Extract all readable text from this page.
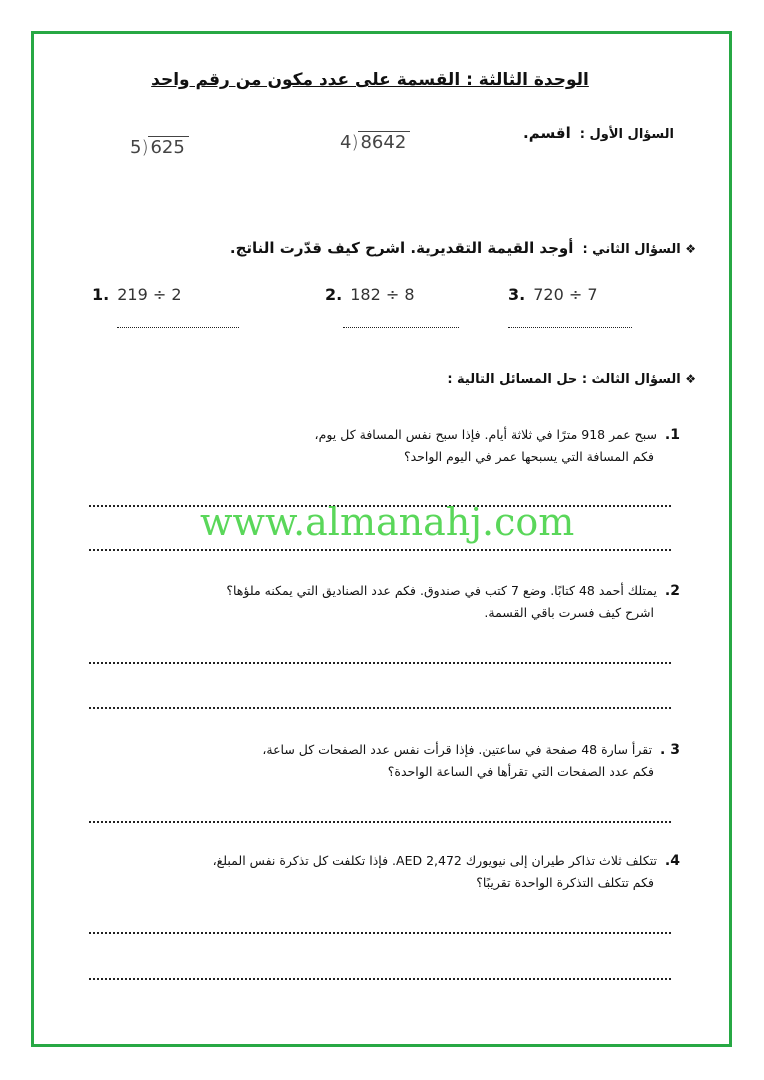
الوحدة الثالثة : القسمة على عدد مكون من رقم واحد
السؤال الأول :  اقسم.
4) 8642
5) 625
❖ السؤال الثاني :  أوجد القيمة التقديرية. اشرح كيف قدّرت الناتج.
1. 219 ÷ 2	2. 182 ÷ 8	3. 720 ÷ 7
❖ السؤال الثالث : حل المسائل التالية :
1.  سبح عمر 918 مترًا في ثلاثة أيام. فإذا سبح نفس المسافة كل يوم،
فكم المسافة التي يسبحها عمر في اليوم الواحد؟
www.almanahj.com
2.  يمتلك أحمد 48 كتابًا. وضع 7 كتب في صندوق. فكم عدد الصناديق التي يمكنه ملؤها؟
اشرح كيف فسرت باقي القسمة.
3 .  تقرأ سارة 48 صفحة في ساعتين. فإذا قرأت نفس عدد الصفحات كل ساعة،
فكم عدد الصفحات التي تقرأها في الساعة الواحدة؟
4.  تتكلف ثلاث تذاكر طيران إلى نيويورك AED 2,472. فإذا تكلفت كل تذكرة نفس المبلغ،
فكم تتكلف التذكرة الواحدة تقريبًا؟
